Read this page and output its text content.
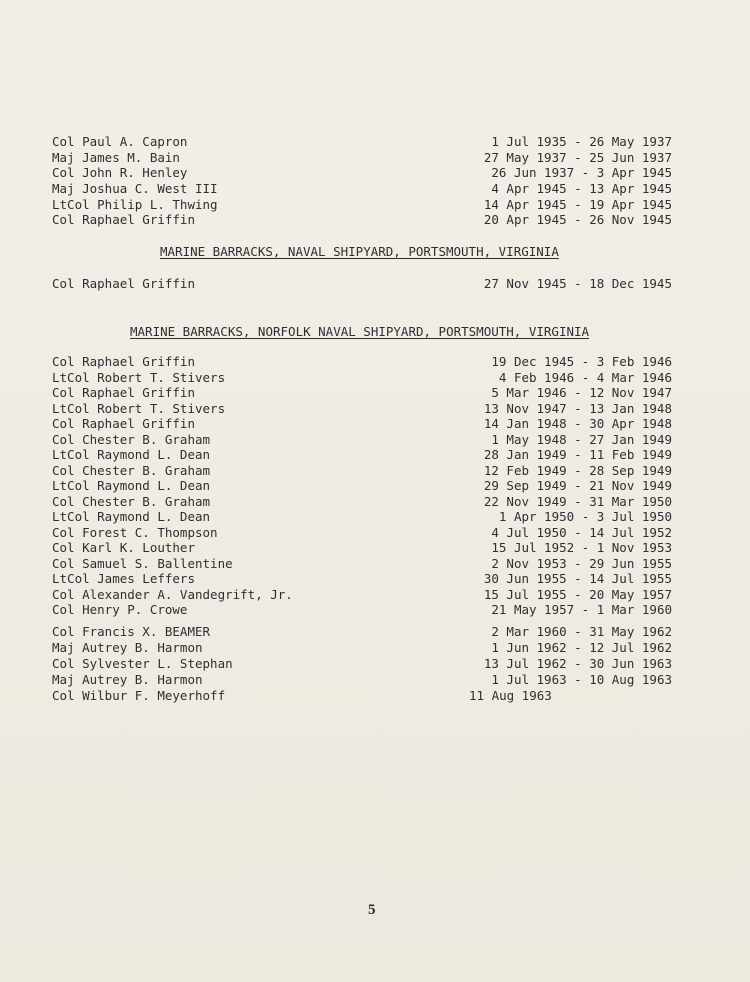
Col Paul A. Capron	1 Jul 1935 - 26 May 1937
Maj James M. Bain	27 May 1937 - 25 Jun 1937
Col John R. Henley	26 Jun 1937 - 3 Apr 1945
Maj Joshua C. West III	4 Apr 1945 - 13 Apr 1945
LtCol Philip L. Thwing	14 Apr 1945 - 19 Apr 1945
Col Raphael Griffin	20 Apr 1945 - 26 Nov 1945
MARINE BARRACKS, NAVAL SHIPYARD, PORTSMOUTH, VIRGINIA
Col Raphael Griffin	27 Nov 1945 - 18 Dec 1945
MARINE BARRACKS, NORFOLK NAVAL SHIPYARD, PORTSMOUTH, VIRGINIA
Col Raphael Griffin	19 Dec 1945 - 3 Feb 1946
LtCol Robert T. Stivers	4 Feb 1946 - 4 Mar 1946
Col Raphael Griffin	5 Mar 1946 - 12 Nov 1947
LtCol Robert T. Stivers	13 Nov 1947 - 13 Jan 1948
Col Raphael Griffin	14 Jan 1948 - 30 Apr 1948
Col Chester B. Graham	1 May 1948 - 27 Jan 1949
LtCol Raymond L. Dean	28 Jan 1949 - 11 Feb 1949
Col Chester B. Graham	12 Feb 1949 - 28 Sep 1949
LtCol Raymond L. Dean	29 Sep 1949 - 21 Nov 1949
Col Chester B. Graham	22 Nov 1949 - 31 Mar 1950
LtCol Raymond L. Dean	1 Apr 1950 - 3 Jul 1950
Col Forest C. Thompson	4 Jul 1950 - 14 Jul 1952
Col Karl K. Louther	15 Jul 1952 - 1 Nov 1953
Col Samuel S. Ballentine	2 Nov 1953 - 29 Jun 1955
LtCol James Leffers	30 Jun 1955 - 14 Jul 1955
Col Alexander A. Vandegrift, Jr.	15 Jul 1955 - 20 May 1957
Col Henry P. Crowe	21 May 1957 - 1 Mar 1960
Col Francis X. BEAMER	2 Mar 1960 - 31 May 1962
Maj Autrey B. Harmon	1 Jun 1962 - 12 Jul 1962
Col Sylvester L. Stephan	13 Jul 1962 - 30 Jun 1963
Maj Autrey B. Harmon	1 Jul 1963 - 10 Aug 1963
Col Wilbur F. Meyerhoff	11 Aug 1963
5
